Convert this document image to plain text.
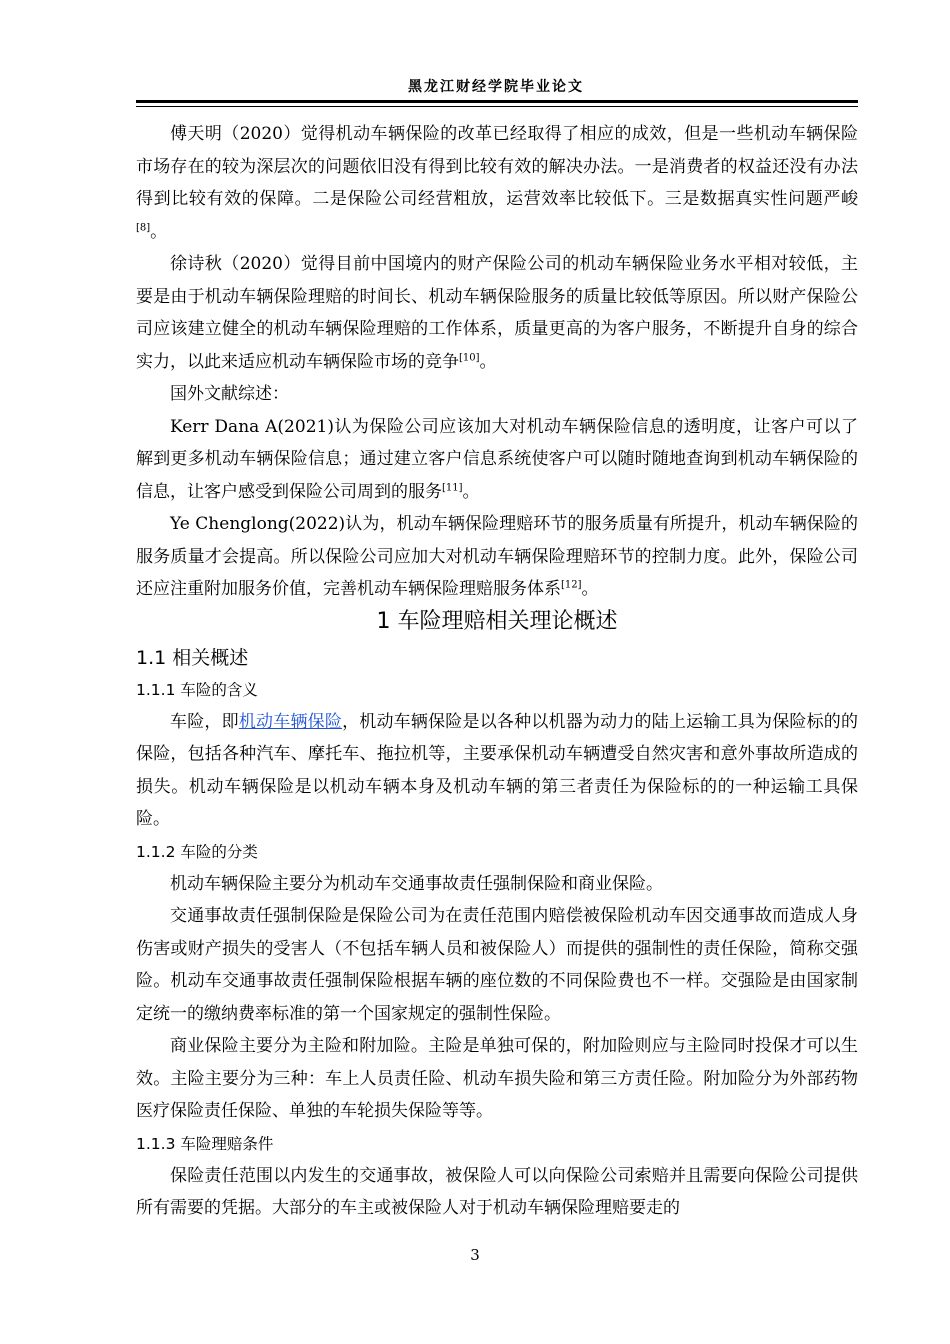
黑龙江财经学院毕业论文

傅天明（2020）觉得机动车辆保险的改革已经取得了相应的成效，但是一些机动车辆保险市场存在的较为深层次的问题依旧没有得到比较有效的解决办法。一是消费者的权益还没有办法得到比较有效的保障。二是保险公司经营粗放，运营效率比较低下。三是数据真实性问题严峻[8]。

徐诗秋（2020）觉得目前中国境内的财产保险公司的机动车辆保险业务水平相对较低，主要是由于机动车辆保险理赔的时间长、机动车辆保险服务的质量比较低等原因。所以财产保险公司应该建立健全的机动车辆保险理赔的工作体系，质量更高的为客户服务，不断提升自身的综合实力，以此来适应机动车辆保险市场的竞争[10]。

国外文献综述：

Kerr Dana A(2021)认为保险公司应该加大对机动车辆保险信息的透明度，让客户可以了解到更多机动车辆保险信息；通过建立客户信息系统使客户可以随时随地查询到机动车辆保险的信息，让客户感受到保险公司周到的服务[11]。

Ye Chenglong(2022)认为，机动车辆保险理赔环节的服务质量有所提升，机动车辆保险的服务质量才会提高。所以保险公司应加大对机动车辆保险理赔环节的控制力度。此外，保险公司还应注重附加服务价值，完善机动车辆保险理赔服务体系[12]。

1 车险理赔相关理论概述
1.1 相关概述
1.1.1 车险的含义

车险，即机动车辆保险，机动车辆保险是以各种以机器为动力的陆上运输工具为保险标的的保险，包括各种汽车、摩托车、拖拉机等，主要承保机动车辆遭受自然灾害和意外事故所造成的损失。机动车辆保险是以机动车辆本身及机动车辆的第三者责任为保险标的的一种运输工具保险。

1.1.2 车险的分类

机动车辆保险主要分为机动车交通事故责任强制保险和商业保险。

交通事故责任强制保险是保险公司为在责任范围内赔偿被保险机动车因交通事故而造成人身伤害或财产损失的受害人（不包括车辆人员和被保险人）而提供的强制性的责任保险，简称交强险。机动车交通事故责任强制保险根据车辆的座位数的不同保险费也不一样。交强险是由国家制定统一的缴纳费率标准的第一个国家规定的强制性保险。

商业保险主要分为主险和附加险。主险是单独可保的，附加险则应与主险同时投保才可以生效。主险主要分为三种：车上人员责任险、机动车损失险和第三方责任险。附加险分为外部药物医疗保险责任保险、单独的车轮损失保险等等。

1.1.3 车险理赔条件

保险责任范围以内发生的交通事故，被保险人可以向保险公司索赔并且需要向保险公司提供所有需要的凭据。大部分的车主或被保险人对于机动车辆保险理赔要走的

3
